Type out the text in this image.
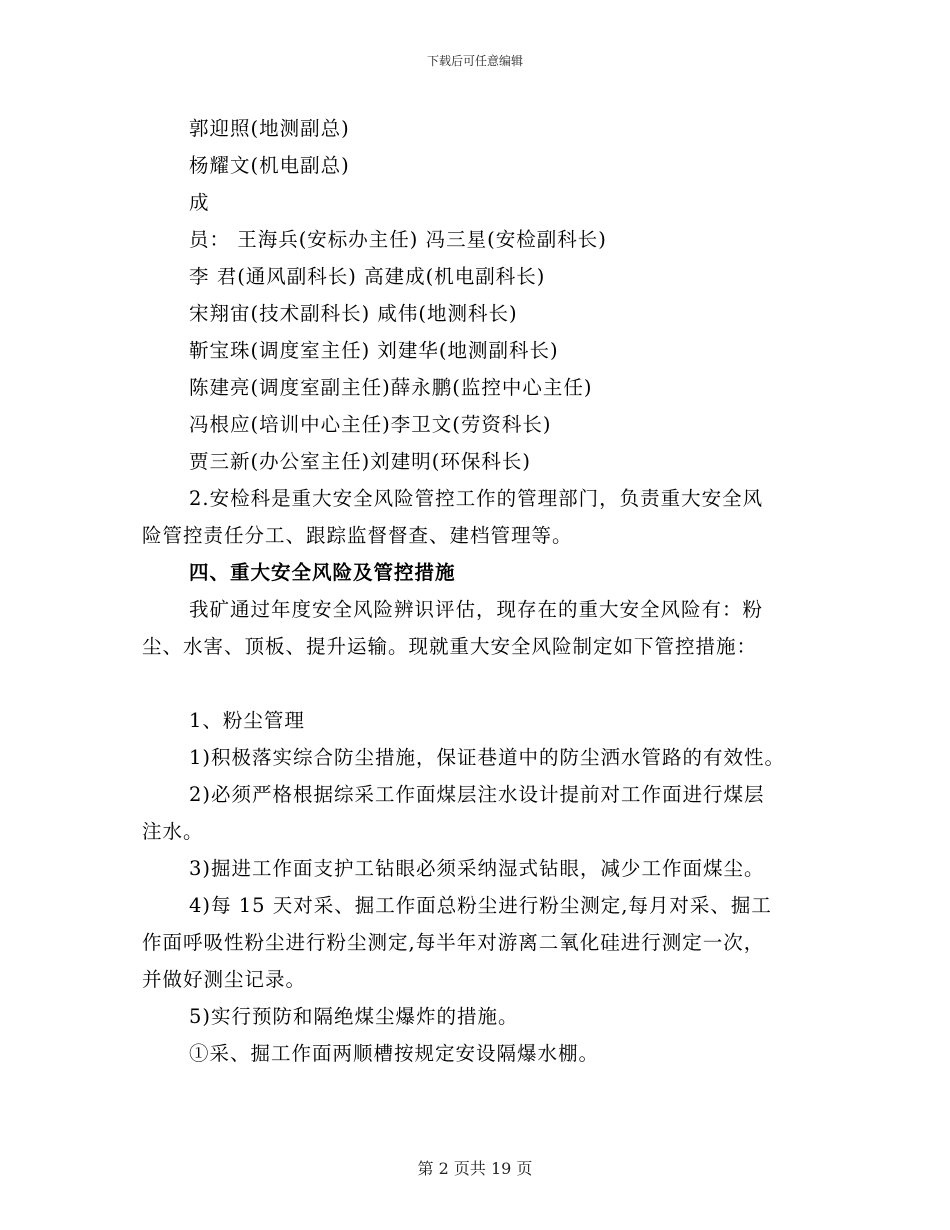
下载后可任意编辑
郭迎照(地测副总)
杨耀文(机电副总)
成
员： 王海兵(安标办主任) 冯三星(安检副科长)
李 君(通风副科长) 高建成(机电副科长)
宋翔宙(技术副科长) 咸伟(地测科长)
靳宝珠(调度室主任) 刘建华(地测副科长)
陈建亮(调度室副主任)薛永鹏(监控中心主任)
冯根应(培训中心主任)李卫文(劳资科长)
贾三新(办公室主任)刘建明(环保科长)
2.安检科是重大安全风险管控工作的管理部门，负责重大安全风
险管控责任分工、跟踪监督督查、建档管理等。
四、重大安全风险及管控措施
我矿通过年度安全风险辨识评估，现存在的重大安全风险有：粉
尘、水害、顶板、提升运输。现就重大安全风险制定如下管控措施：
1、粉尘管理
1)积极落实综合防尘措施，保证巷道中的防尘洒水管路的有效性。
2)必须严格根据综采工作面煤层注水设计提前对工作面进行煤层
注水。
3)掘进工作面支护工钻眼必须采纳湿式钻眼，减少工作面煤尘。
4)每 15 天对采、掘工作面总粉尘进行粉尘测定,每月对采、掘工
作面呼吸性粉尘进行粉尘测定,每半年对游离二氧化硅进行测定一次，
并做好测尘记录。
5)实行预防和隔绝煤尘爆炸的措施。
①采、掘工作面两顺槽按规定安设隔爆水棚。
第 2 页共 19 页
